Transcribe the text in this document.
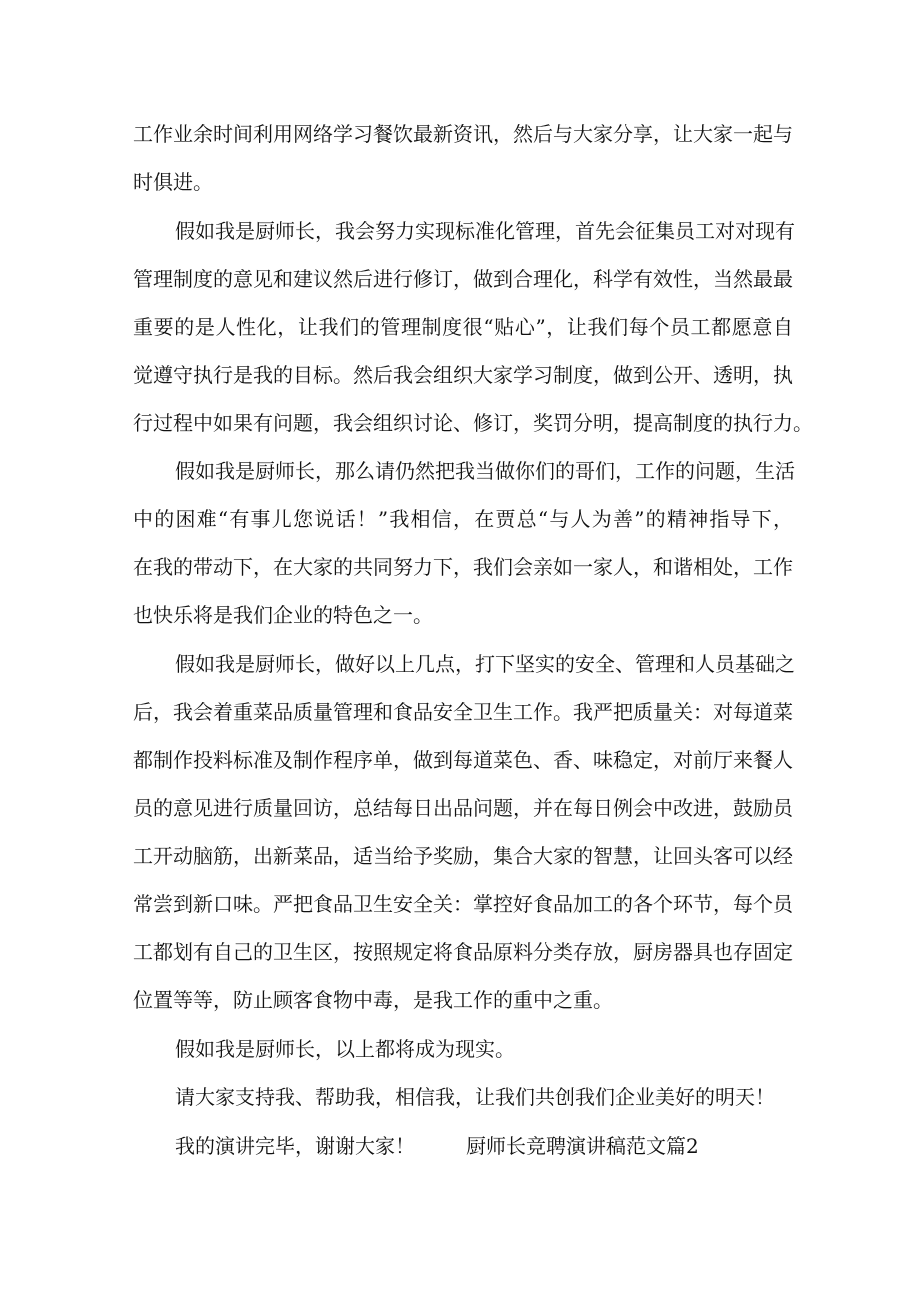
工作业余时间利用网络学习餐饮最新资讯，然后与大家分享，让大家一起与
时俱进。
假如我是厨师长，我会努力实现标准化管理，首先会征集员工对对现有
管理制度的意见和建议然后进行修订，做到合理化，科学有效性，当然最最
重要的是人性化，让我们的管理制度很“贴心”，让我们每个员工都愿意自
觉遵守执行是我的目标。然后我会组织大家学习制度，做到公开、透明，执
行过程中如果有问题，我会组织讨论、修订，奖罚分明，提高制度的执行力。
假如我是厨师长，那么请仍然把我当做你们的哥们，工作的问题，生活
中的困难“有事儿您说话！”我相信，在贾总“与人为善”的精神指导下，
在我的带动下，在大家的共同努力下，我们会亲如一家人，和谐相处，工作
也快乐将是我们企业的特色之一。
假如我是厨师长，做好以上几点，打下坚实的安全、管理和人员基础之
后，我会着重菜品质量管理和食品安全卫生工作。我严把质量关：对每道菜
都制作投料标准及制作程序单，做到每道菜色、香、味稳定，对前厅来餐人
员的意见进行质量回访，总结每日出品问题，并在每日例会中改进，鼓励员
工开动脑筋，出新菜品，适当给予奖励，集合大家的智慧，让回头客可以经
常尝到新口味。严把食品卫生安全关：掌控好食品加工的各个环节，每个员
工都划有自己的卫生区，按照规定将食品原料分类存放，厨房器具也存固定
位置等等，防止顾客食物中毒，是我工作的重中之重。
假如我是厨师长，以上都将成为现实。
请大家支持我、帮助我，相信我，让我们共创我们企业美好的明天！
我的演讲完毕，谢谢大家！	厨师长竞聘演讲稿范文篇2
